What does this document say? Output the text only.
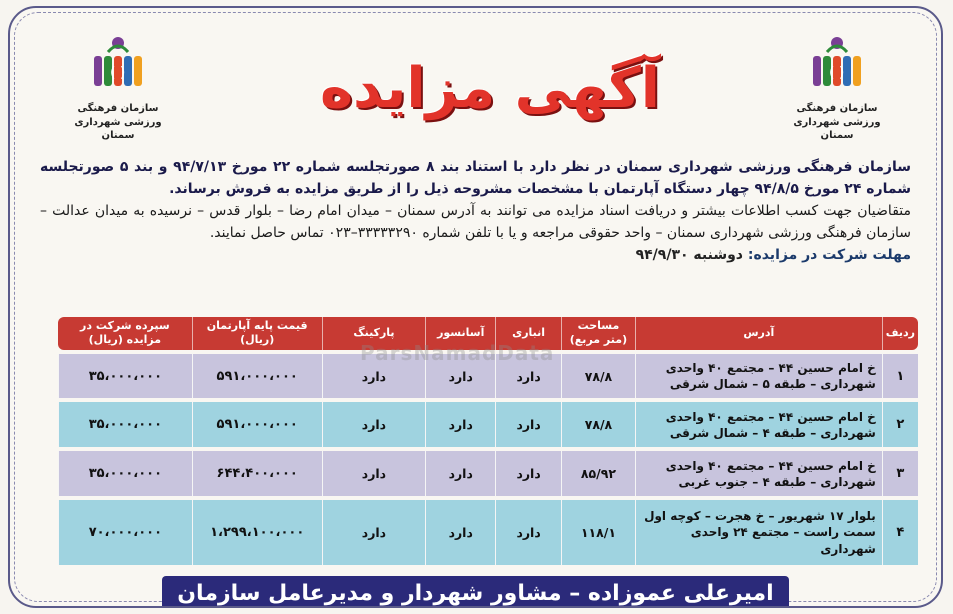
( )
سازمان فرهنگی ورزشی شهرداری سمنان
آگهی مزایده	( )
سازمان فرهنگی ورزشی شهرداری سمنان

سازمان فرهنگی ورزشی شهرداری سمنان در نظر دارد با استناد بند ۸ صورتجلسه شماره ۲۲ مورخ ۹۴/۷/۱۳ و بند ۵ صورتجلسه شماره ۲۴ مورخ ۹۴/۸/۵ چهار دستگاه آپارتمان با مشخصات مشروحه ذیل را از طریق مزایده به فروش برساند.

متقاضیان جهت کسب اطلاعات بیشتر و دریافت اسناد مزایده می توانند به آدرس سمنان – میدان امام رضا – بلوار قدس – نرسیده به میدان عدالت – سازمان فرهنگی ورزشی شهرداری سمنان – واحد حقوقی مراجعه و یا با تلفن شماره ۳۳۳۳۳۲۹۰–۰۲۳ تماس حاصل نمایند.

مهلت شرکت در مزایده: دوشنبه ۹۴/۹/۳۰

ردیف	آدرس	مساحت (متر مربع)	انباری	آسانسور	پارکینگ	قیمت پایه آپارتمان (ریال)	سپرده شرکت در مزایده (ریال)
۱	خ امام حسین ۴۴ – مجتمع ۴۰ واحدی شهرداری – طبقه ۵ – شمال شرقی	۷۸/۸	دارد	دارد	دارد	۵۹۱،۰۰۰،۰۰۰	۳۵،۰۰۰،۰۰۰
۲	خ امام حسین ۴۴ – مجتمع ۴۰ واحدی شهرداری – طبقه ۴ – شمال شرقی	۷۸/۸	دارد	دارد	دارد	۵۹۱،۰۰۰،۰۰۰	۳۵،۰۰۰،۰۰۰
۳	خ امام حسین ۴۴ – مجتمع ۴۰ واحدی شهرداری – طبقه ۴ – جنوب غربی	۸۵/۹۲	دارد	دارد	دارد	۶۴۴،۴۰۰،۰۰۰	۳۵،۰۰۰،۰۰۰
۴	بلوار ۱۷ شهریور – خ هجرت – کوچه اول سمت راست – مجتمع ۲۴ واحدی شهرداری	۱۱۸/۱	دارد	دارد	دارد	۱،۲۹۹،۱۰۰،۰۰۰	۷۰،۰۰۰،۰۰۰
ParsNamadData
امیرعلی عموزاده – مشاور شهردار و مدیرعامل سازمان
